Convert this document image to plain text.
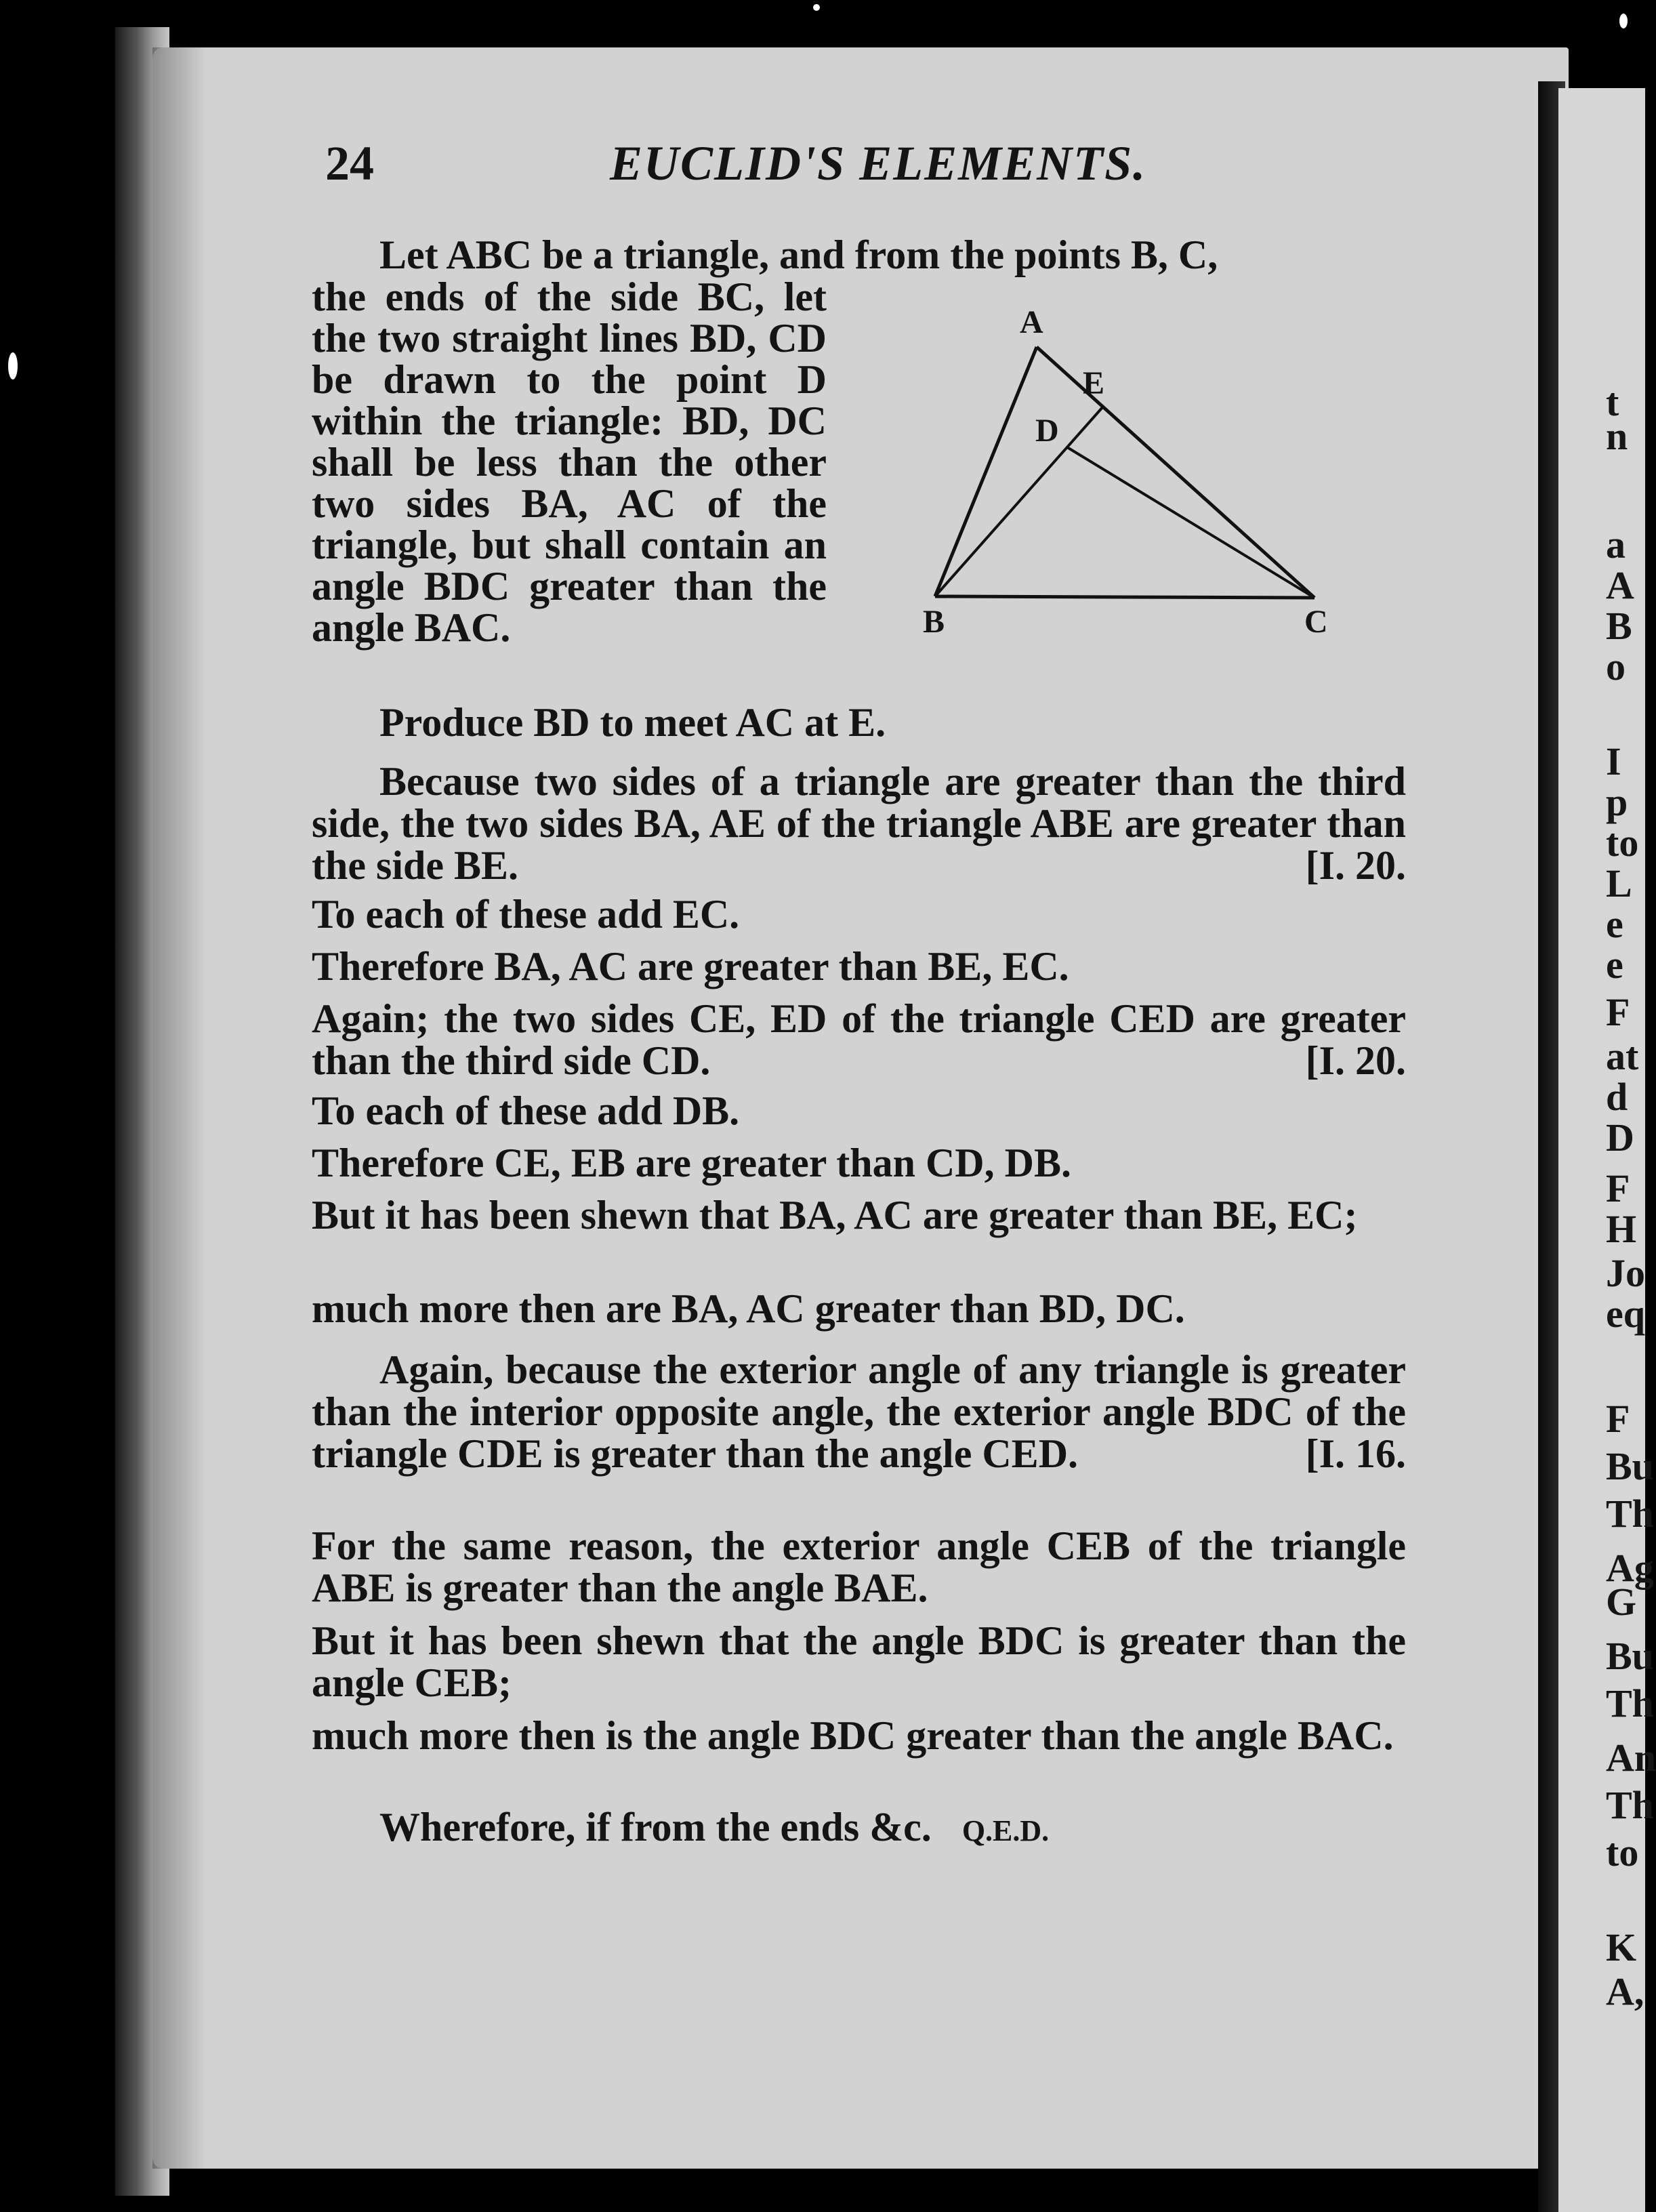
24	EUCLID'S ELEMENTS.

Let ABC be a triangle, and from the points B, C,

the ends of the side BC, let the two straight lines BD, CD be drawn to the point D within the triangle: BD, DC shall be less than the other two sides BA, AC of the triangle, but shall contain an angle BDC greater than the angle BAC.

A
E
D
B	C

Produce BD to meet AC at E.

Because two sides of a triangle are greater than the third side, the two sides BA, AE of the triangle ABE are greater than the side BE.	[I. 20.

To each of these add EC.

Therefore BA, AC are greater than BE, EC.

Again; the two sides CE, ED of the triangle CED are greater than the third side CD.	[I. 20.

To each of these add DB.

Therefore CE, EB are greater than CD, DB.

But it has been shewn that BA, AC are greater than BE, EC;

much more then are BA, AC greater than BD, DC.

Again, because the exterior angle of any triangle is greater than the interior opposite angle, the exterior angle BDC of the triangle CDE is greater than the angle CED.	[I. 16.

For the same reason, the exterior angle CEB of the triangle ABE is greater than the angle BAE.

But it has been shewn that the angle BDC is greater than the angle CEB;

much more then is the angle BDC greater than the angle BAC.

Wherefore, if from the ends &c. Q.E.D.

t
n
a
A
B
o
I
p
to
L
e
e
F
at
d
D
F
H
Jo
eq
F
Bu
Th
Ag
G
Bu
Th
An
Th
to
K
A,
